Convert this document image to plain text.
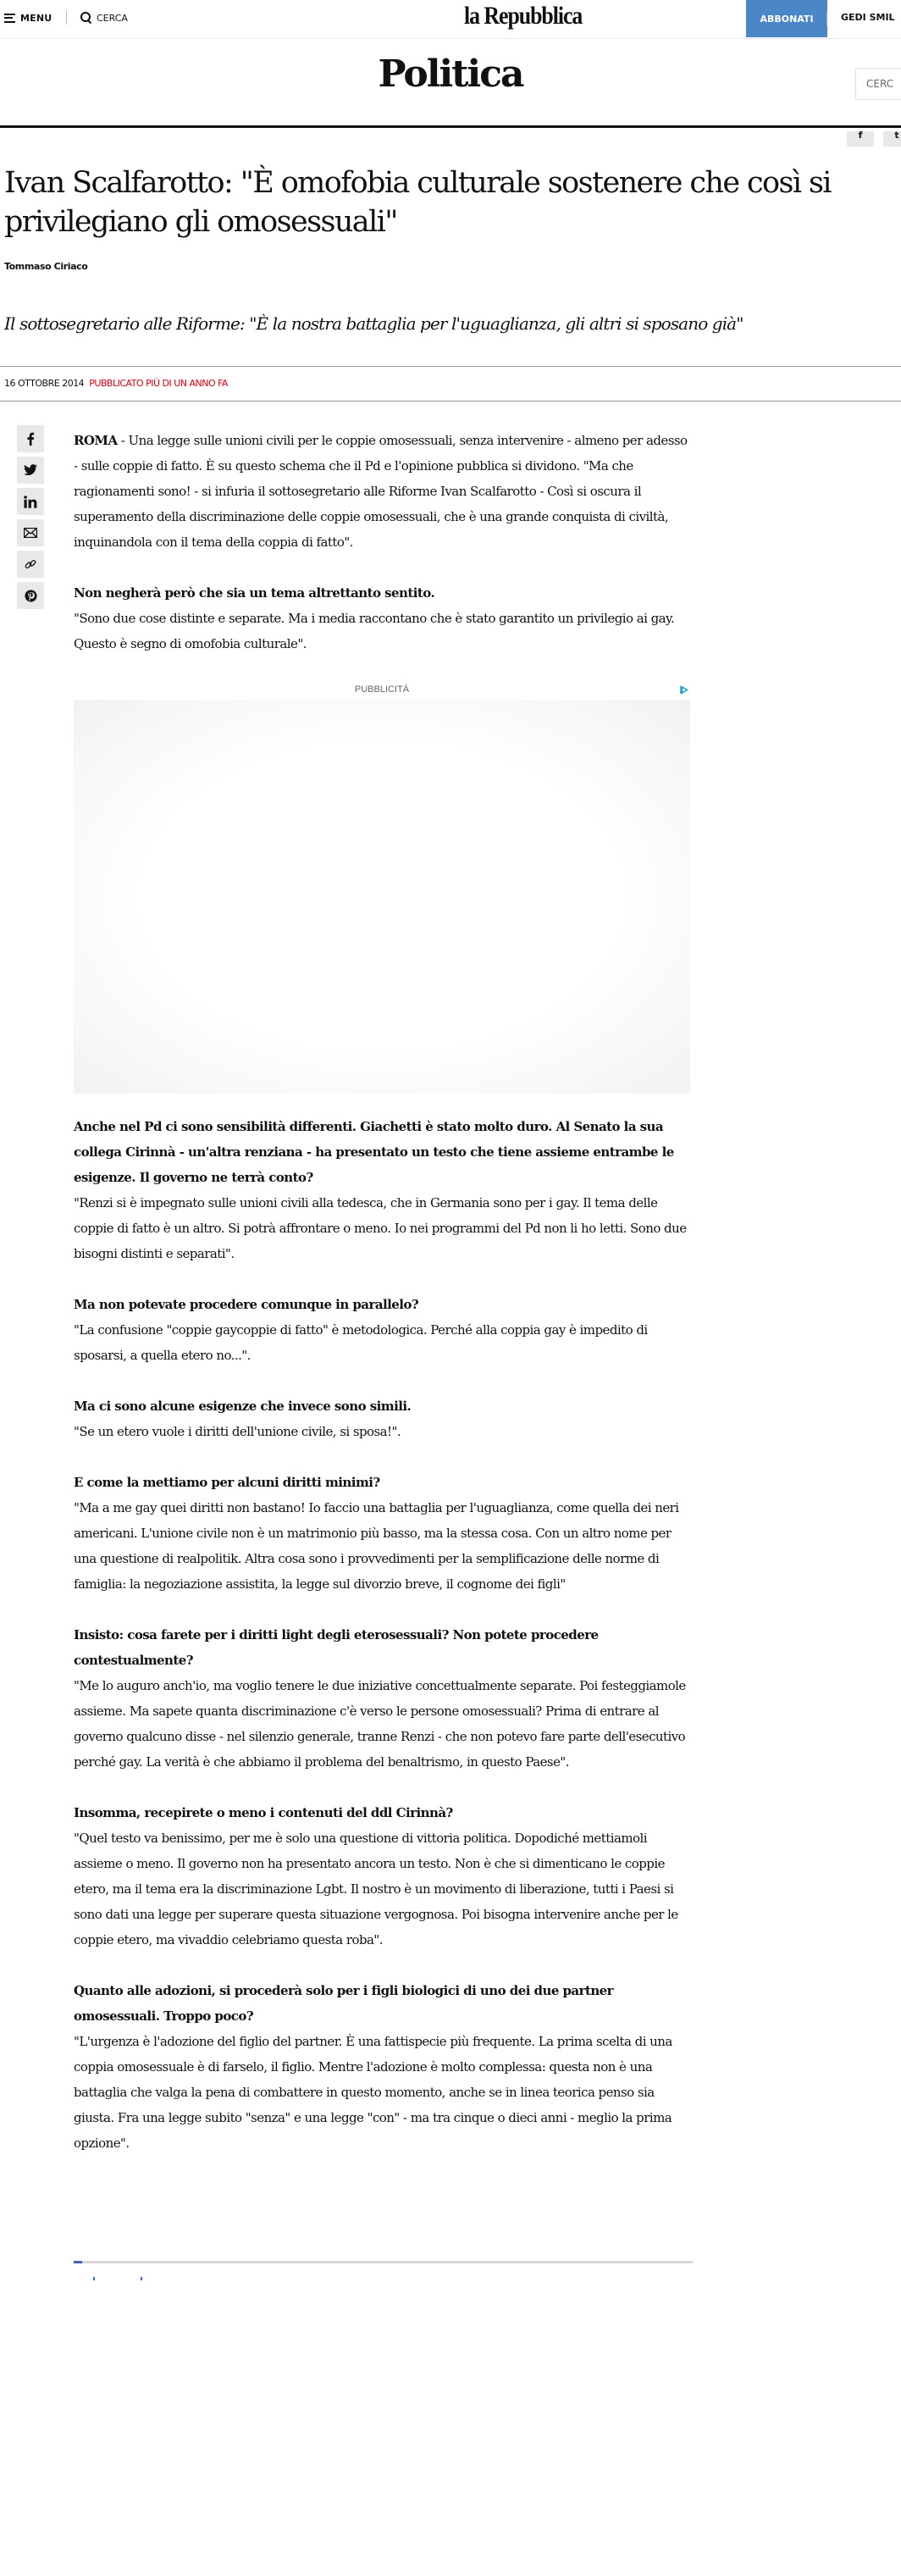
MENU	CERCA	la Repubblica	ABBONATI	GEDI SMIL
Politica	CERC
f	t
Ivan Scalfarotto: "È omofobia culturale sostenere che così si privilegiano gli omosessuali"
Tommaso Ciriaco
Il sottosegretario alle Riforme: "È la nostra battaglia per l'uguaglianza, gli altri si sposano già"
16 OTTOBRE 2014 PUBBLICATO PIÙ DI UN ANNO FA

ROMA - Una legge sulle unioni civili per le coppie omosessuali, senza intervenire - almeno per adesso - sulle coppie di fatto. È su questo schema che il Pd e l'opinione pubblica si dividono. "Ma che ragionamenti sono! - si infuria il sottosegretario alle Riforme Ivan Scalfarotto - Così si oscura il superamento della discriminazione delle coppie omosessuali, che è una grande conquista di civiltà, inquinandola con il tema della coppia di fatto".

Non negherà però che sia un tema altrettanto sentito.

"Sono due cose distinte e separate. Ma i media raccontano che è stato garantito un privilegio ai gay. Questo è segno di omofobia culturale".

PUBBLICITÀ

Anche nel Pd ci sono sensibilità differenti. Giachetti è stato molto duro. Al Senato la sua collega Cirinnà - un'altra renziana - ha presentato un testo che tiene assieme entrambe le esigenze. Il governo ne terrà conto?

"Renzi si è impegnato sulle unioni civili alla tedesca, che in Germania sono per i gay. Il tema delle coppie di fatto è un altro. Si potrà affrontare o meno. Io nei programmi del Pd non li ho letti. Sono due bisogni distinti e separati".

Ma non potevate procedere comunque in parallelo?

"La confusione "coppie gaycoppie di fatto" è metodologica. Perché alla coppia gay è impedito di sposarsi, a quella etero no...".

Ma ci sono alcune esigenze che invece sono simili.

"Se un etero vuole i diritti dell'unione civile, si sposa!".

E come la mettiamo per alcuni diritti minimi?

"Ma a me gay quei diritti non bastano! Io faccio una battaglia per l'uguaglianza, come quella dei neri americani. L'unione civile non è un matrimonio più basso, ma la stessa cosa. Con un altro nome per una questione di realpolitik. Altra cosa sono i provvedimenti per la semplificazione delle norme di famiglia: la negoziazione assistita, la legge sul divorzio breve, il cognome dei figli"

Insisto: cosa farete per i diritti light degli eterosessuali? Non potete procedere contestualmente?

"Me lo auguro anch'io, ma voglio tenere le due iniziative concettualmente separate. Poi festeggiamole assieme. Ma sapete quanta discriminazione c'è verso le persone omosessuali? Prima di entrare al governo qualcuno disse - nel silenzio generale, tranne Renzi - che non potevo fare parte dell'esecutivo perché gay. La verità è che abbiamo il problema del benaltrismo, in questo Paese".

Insomma, recepirete o meno i contenuti del ddl Cirinnà?

"Quel testo va benissimo, per me è solo una questione di vittoria politica. Dopodiché mettiamoli assieme o meno. Il governo non ha presentato ancora un testo. Non è che si dimenticano le coppie etero, ma il tema era la discriminazione Lgbt. Il nostro è un movimento di liberazione, tutti i Paesi si sono dati una legge per superare questa situazione vergognosa. Poi bisogna intervenire anche per le coppie etero, ma vivaddio celebriamo questa roba".

Quanto alle adozioni, si procederà solo per i figli biologici di uno dei due partner omosessuali. Troppo poco?

"L'urgenza è l'adozione del figlio del partner. È una fattispecie più frequente. La prima scelta di una coppia omosessuale è di farselo, il figlio. Mentre l'adozione è molto complessa: questa non è una battaglia che valga la pena di combattere in questo momento, anche se in linea teorica penso sia giusta. Fra una legge subito "senza" e una legge "con" - ma tra cinque o dieci anni - meglio la prima opzione".
